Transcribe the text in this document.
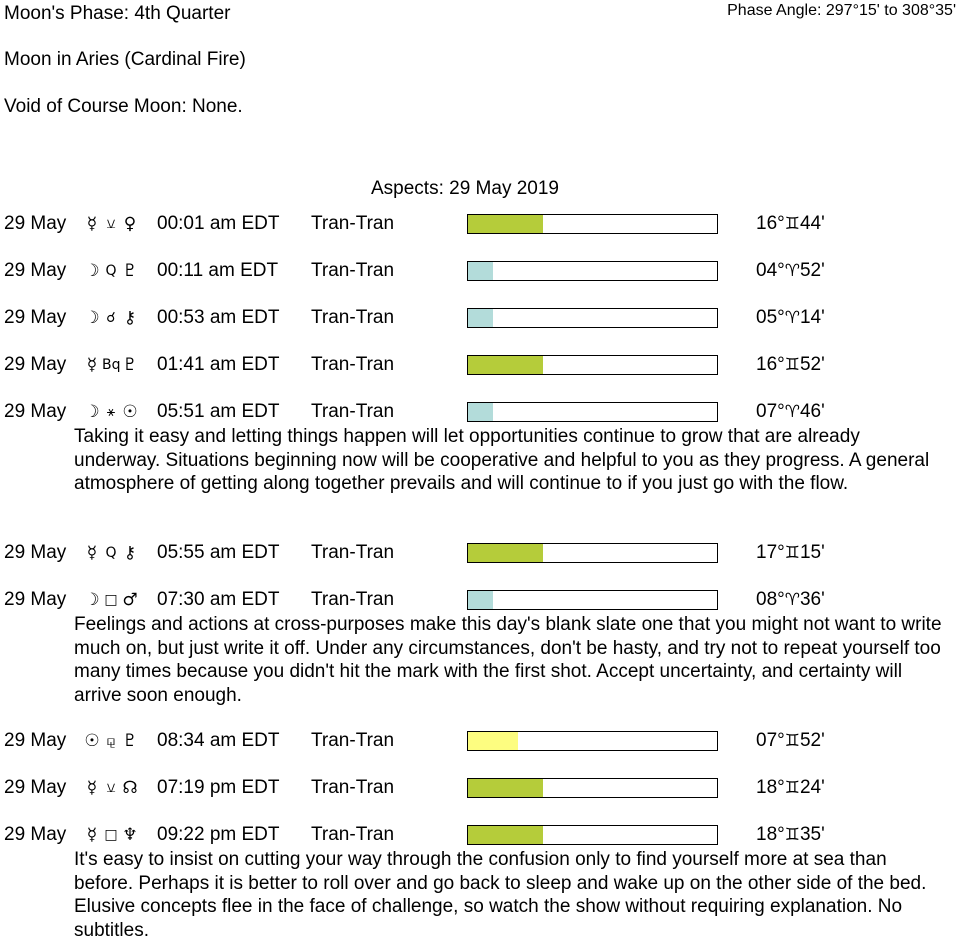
Moon's Phase: 4th Quarter	Phase Angle: 297°15' to 308°35'
Moon in Aries (Cardinal Fire)
Void of Course Moon: None.
Aspects: 29 May 2019
29 May ☿ ⚺ ♀ 00:01 am EDT Tran-Tran	16°♊44'
29 May ☽ Q ♇ 00:11 am EDT Tran-Tran	04°♈52'
29 May ☽ ☌ ⚷ 00:53 am EDT Tran-Tran	05°♈14'
29 May ☿ Bq ♇ 01:41 am EDT Tran-Tran	16°♊52'
29 May ☽ ⚹ ☉ 05:51 am EDT Tran-Tran	07°♈46'
Taking it easy and letting things happen will let opportunities continue to grow that are already underway. Situations beginning now will be cooperative and helpful to you as they progress. A general atmosphere of getting along together prevails and will continue to if you just go with the flow.
29 May ☿ Q ⚷ 05:55 am EDT Tran-Tran	17°♊15'
29 May ☽ □ ♂ 07:30 am EDT Tran-Tran	08°♈36'
Feelings and actions at cross-purposes make this day's blank slate one that you might not want to write much on, but just write it off. Under any circumstances, don't be hasty, and try not to repeat yourself too many times because you didn't hit the mark with the first shot. Accept uncertainty, and certainty will arrive soon enough.
29 May ☉ ⚼ ♇ 08:34 am EDT Tran-Tran	07°♊52'
29 May ☿ ⚺ ☊ 07:19 pm EDT Tran-Tran	18°♊24'
29 May ☿ □ ♆ 09:22 pm EDT Tran-Tran	18°♊35'
It's easy to insist on cutting your way through the confusion only to find yourself more at sea than before. Perhaps it is better to roll over and go back to sleep and wake up on the other side of the bed. Elusive concepts flee in the face of challenge, so watch the show without requiring explanation. No subtitles.
